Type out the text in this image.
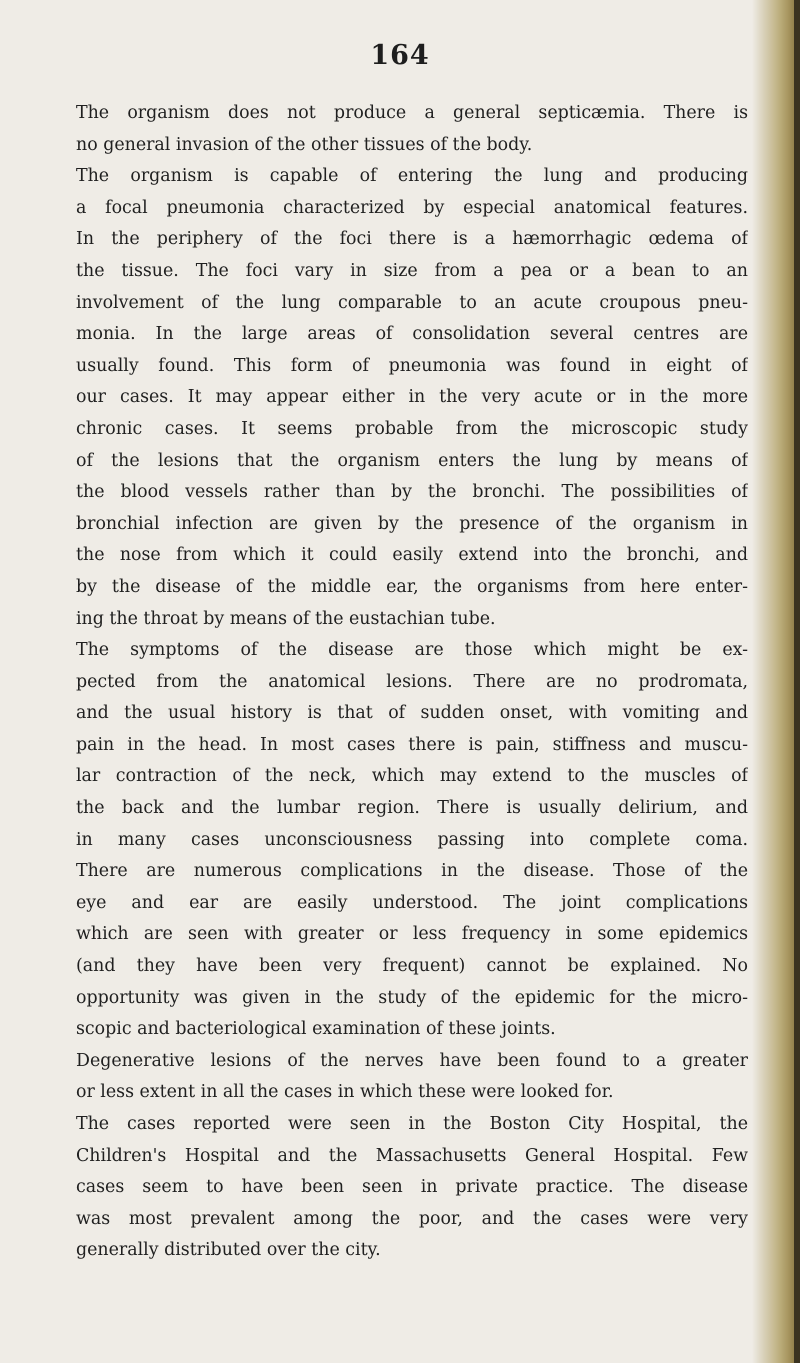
164
The organism does not produce a general septicæmia. There is
no general invasion of the other tissues of the body.
The organism is capable of entering the lung and producing
a focal pneumonia characterized by especial anatomical features.
In the periphery of the foci there is a hæmorrhagic œdema of
the tissue. The foci vary in size from a pea or a bean to an
involvement of the lung comparable to an acute croupous pneu-
monia. In the large areas of consolidation several centres are
usually found. This form of pneumonia was found in eight of
our cases. It may appear either in the very acute or in the more
chronic cases. It seems probable from the microscopic study
of the lesions that the organism enters the lung by means of
the blood vessels rather than by the bronchi. The possibilities of
bronchial infection are given by the presence of the organism in
the nose from which it could easily extend into the bronchi, and
by the disease of the middle ear, the organisms from here enter-
ing the throat by means of the eustachian tube.
The symptoms of the disease are those which might be ex-
pected from the anatomical lesions. There are no prodromata,
and the usual history is that of sudden onset, with vomiting and
pain in the head. In most cases there is pain, stiffness and muscu-
lar contraction of the neck, which may extend to the muscles of
the back and the lumbar region. There is usually delirium, and
in many cases unconsciousness passing into complete coma.
There are numerous complications in the disease. Those of the
eye and ear are easily understood. The joint complications
which are seen with greater or less frequency in some epidemics
(and they have been very frequent) cannot be explained. No
opportunity was given in the study of the epidemic for the micro-
scopic and bacteriological examination of these joints.
Degenerative lesions of the nerves have been found to a greater
or less extent in all the cases in which these were looked for.
The cases reported were seen in the Boston City Hospital, the
Children's Hospital and the Massachusetts General Hospital. Few
cases seem to have been seen in private practice. The disease
was most prevalent among the poor, and the cases were very
generally distributed over the city.
